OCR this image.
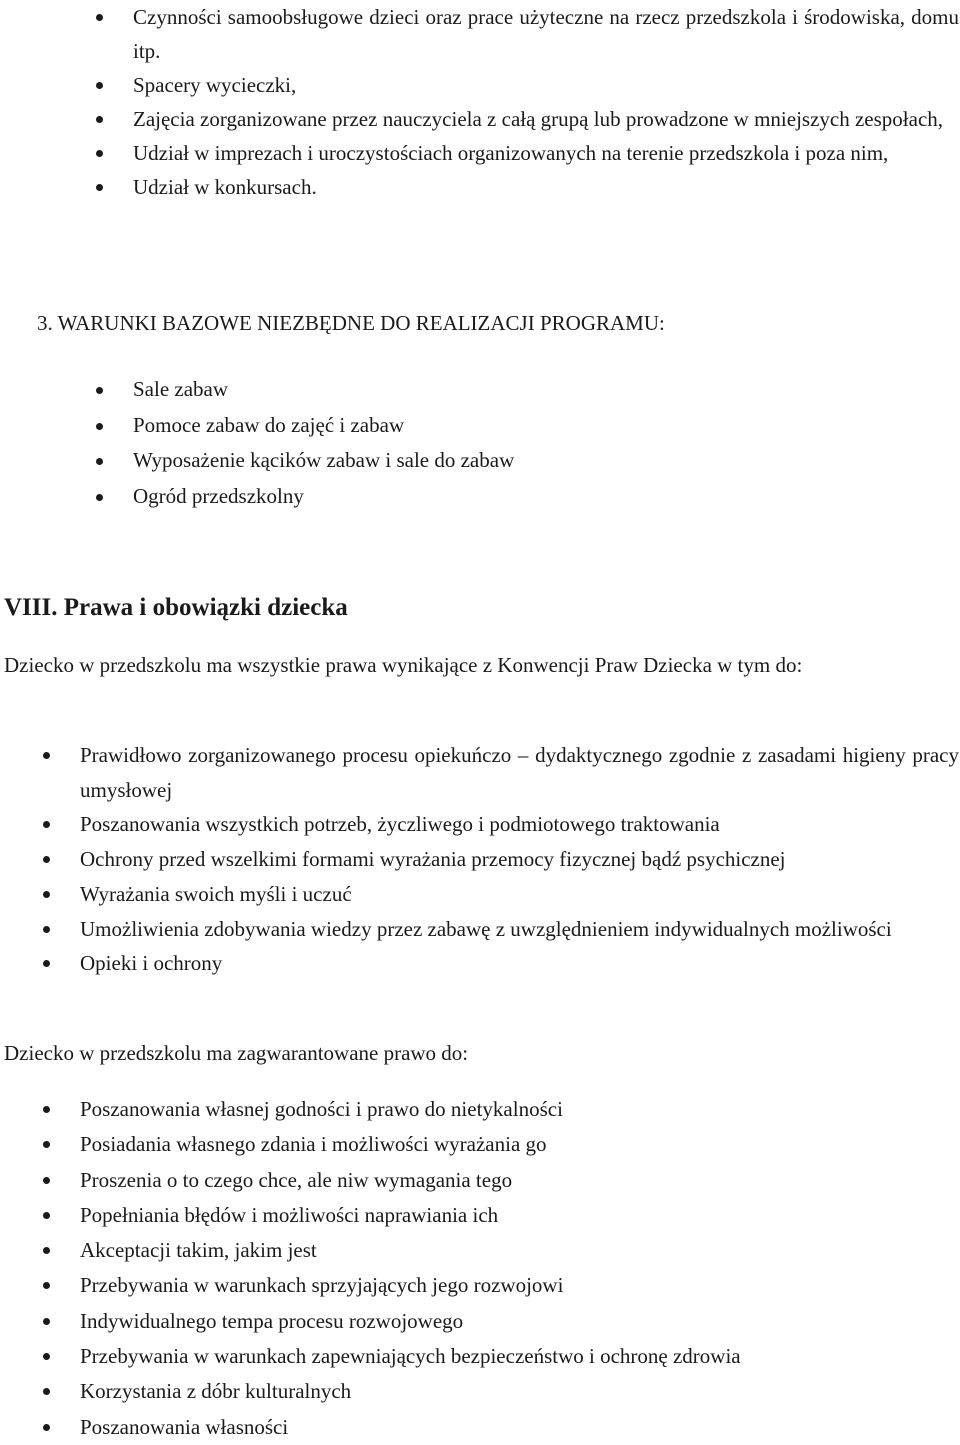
Czynności samoobsługowe dzieci oraz prace użyteczne na rzecz przedszkola i środowiska, domu itp.
Spacery wycieczki,
Zajęcia zorganizowane przez nauczyciela z całą grupą lub prowadzone w mniejszych zespołach,
Udział w imprezach i uroczystościach organizowanych na terenie przedszkola i poza nim,
Udział w konkursach.
3. WARUNKI BAZOWE NIEZBĘDNE DO REALIZACJI PROGRAMU:
Sale zabaw
Pomoce zabaw do zajęć i zabaw
Wyposażenie kącików zabaw i sale do zabaw
Ogród przedszkolny
VIII. Prawa i obowiązki dziecka

Dziecko w przedszkolu ma wszystkie prawa wynikające z Konwencji Praw Dziecka w tym do:

Prawidłowo zorganizowanego procesu opiekuńczo – dydaktycznego zgodnie z zasadami higieny pracy umysłowej
Poszanowania wszystkich potrzeb, życzliwego i podmiotowego traktowania
Ochrony przed wszelkimi formami wyrażania przemocy fizycznej bądź psychicznej
Wyrażania swoich myśli i uczuć
Umożliwienia zdobywania wiedzy przez zabawę z uwzględnieniem indywidualnych możliwości
Opieki i ochrony

Dziecko w przedszkolu ma zagwarantowane prawo do:

Poszanowania własnej godności i prawo do nietykalności
Posiadania własnego zdania i możliwości wyrażania go
Proszenia o to czego chce, ale niw wymagania tego
Popełniania błędów i możliwości naprawiania ich
Akceptacji takim, jakim jest
Przebywania w warunkach sprzyjających jego rozwojowi
Indywidualnego tempa procesu rozwojowego
Przebywania w warunkach zapewniających bezpieczeństwo i ochronę zdrowia
Korzystania z dóbr kulturalnych
Poszanowania własności
